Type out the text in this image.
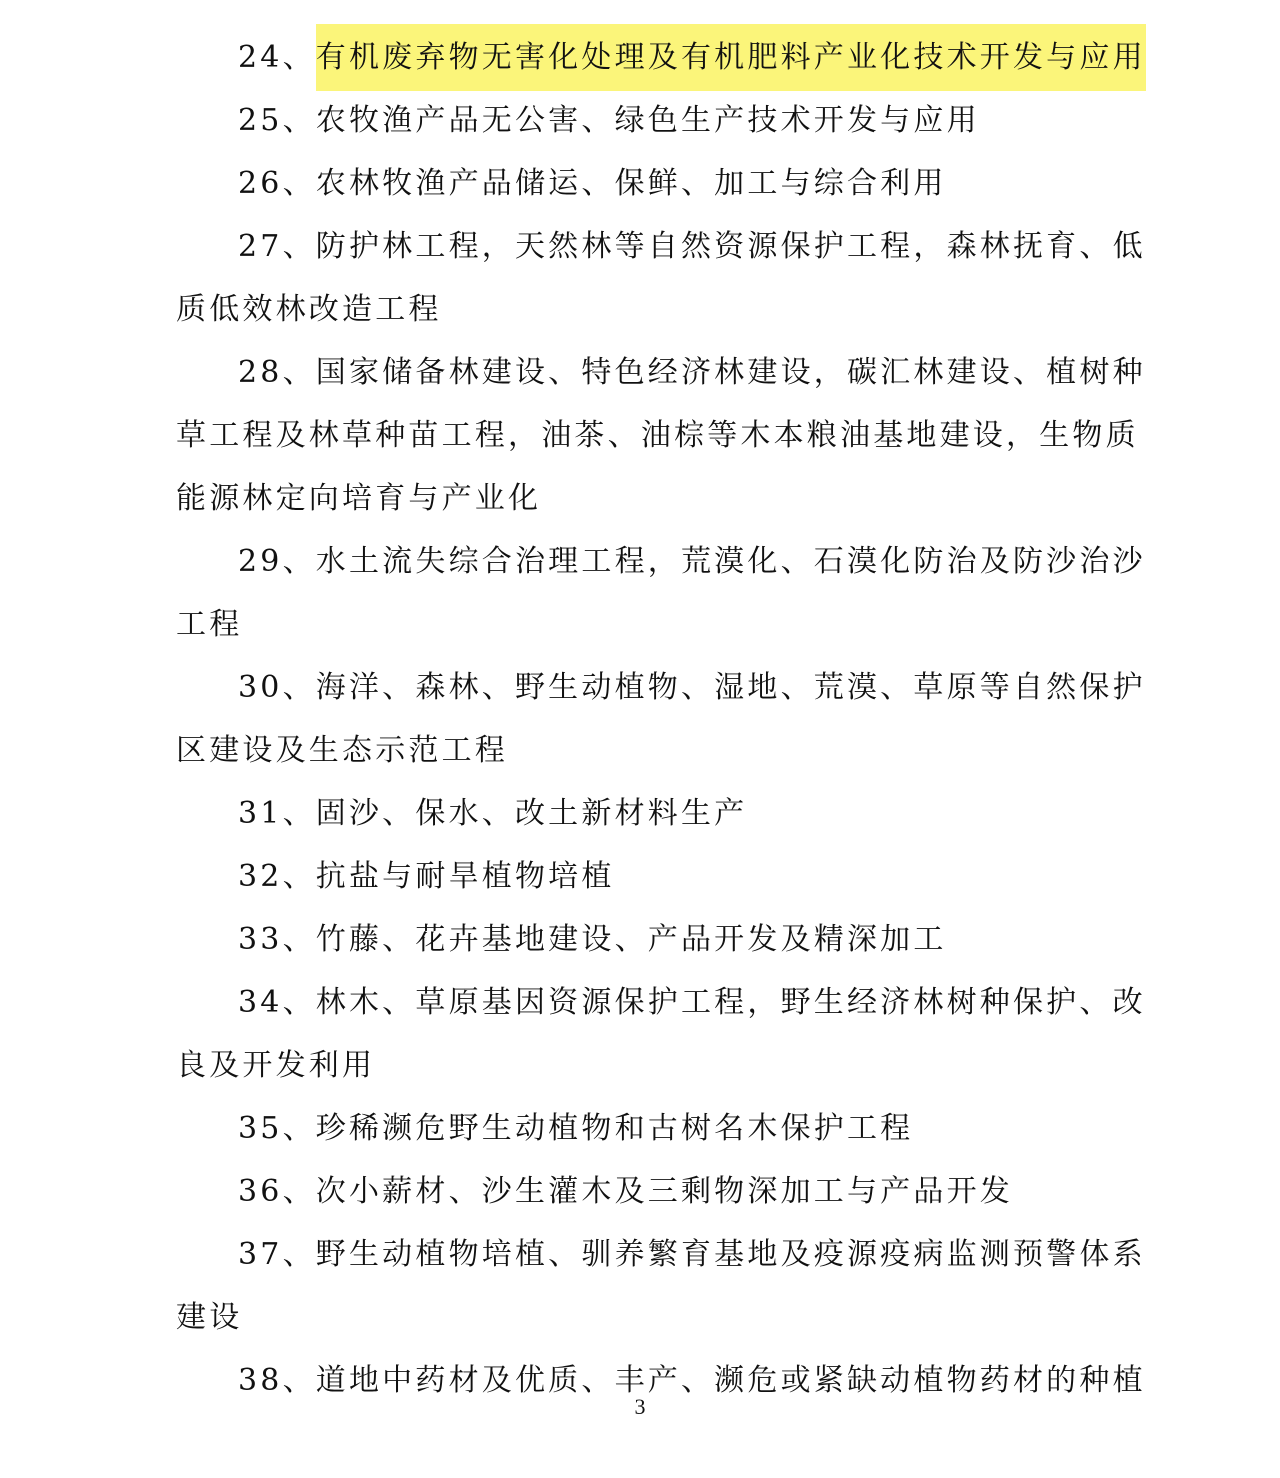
24、 有机废弃物无害化处理及有机肥料产业化技术开发与应用
25、 农牧渔产品无公害、绿色生产技术开发与应用
26、 农林牧渔产品储运、保鲜、加工与综合利用
27、 防护林工程，天然林等自然资源保护工程，森林抚育、低
质低效林改造工程
28、 国家储备林建设、特色经济林建设，碳汇林建设、植树种
草工程及林草种苗工程，油茶、油棕等木本粮油基地建设，生物质
能源林定向培育与产业化
29、 水土流失综合治理工程，荒漠化、石漠化防治及防沙治沙
工程
30、 海洋、森林、野生动植物、湿地、荒漠、草原等自然保护
区建设及生态示范工程
31、 固沙、保水、改土新材料生产
32、 抗盐与耐旱植物培植
33、 竹藤、花卉基地建设、产品开发及精深加工
34、 林木、草原基因资源保护工程，野生经济林树种保护、改
良及开发利用
35、 珍稀濒危野生动植物和古树名木保护工程
36、 次小薪材、沙生灌木及三剩物深加工与产品开发
37、 野生动植物培植、驯养繁育基地及疫源疫病监测预警体系
建设
38、 道地中药材及优质、丰产、濒危或紧缺动植物药材的种植
3
